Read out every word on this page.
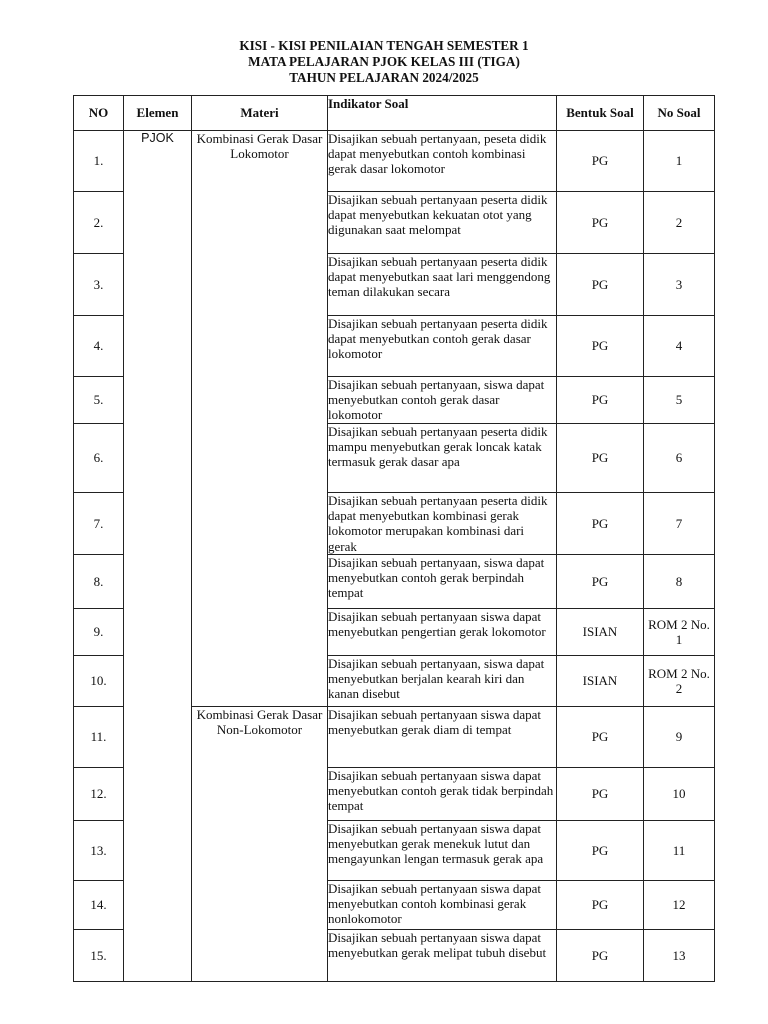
KISI - KISI PENILAIAN TENGAH SEMESTER 1
MATA PELAJARAN PJOK KELAS III (TIGA)
TAHUN PELAJARAN 2024/2025
NO	Elemen	Materi	Indikator Soal	Bentuk Soal	No Soal
1.	PJOK	Kombinasi Gerak Dasar Lokomotor	Disajikan sebuah pertanyaan, peseta didik dapat menyebutkan contoh kombinasi gerak dasar lokomotor	PG	1
2.			Disajikan sebuah pertanyaan peserta didik dapat menyebutkan kekuatan otot yang digunakan saat melompat	PG	2
3.			Disajikan sebuah pertanyaan peserta didik dapat menyebutkan saat lari menggendong teman dilakukan secara	PG	3
4.			Disajikan sebuah pertanyaan peserta didik dapat menyebutkan contoh gerak dasar lokomotor	PG	4
5.			Disajikan sebuah pertanyaan, siswa dapat menyebutkan contoh gerak dasar lokomotor	PG	5
6.			Disajikan sebuah pertanyaan peserta didik mampu menyebutkan gerak loncak katak termasuk gerak dasar apa	PG	6
7.			Disajikan sebuah pertanyaan peserta didik dapat menyebutkan kombinasi gerak lokomotor merupakan kombinasi dari gerak	PG	7
8.			Disajikan sebuah pertanyaan, siswa dapat menyebutkan contoh gerak berpindah tempat	PG	8
9.			Disajikan sebuah pertanyaan siswa dapat menyebutkan pengertian gerak lokomotor	ISIAN	ROM 2 No. 1
10.			Disajikan sebuah pertanyaan, siswa dapat menyebutkan berjalan kearah kiri dan kanan disebut	ISIAN	ROM 2 No. 2
11.		Kombinasi Gerak Dasar Non-Lokomotor	Disajikan sebuah pertanyaan siswa dapat menyebutkan gerak diam di tempat	PG	9
12.			Disajikan sebuah pertanyaan siswa dapat menyebutkan contoh gerak tidak berpindah tempat	PG	10
13.			Disajikan sebuah pertanyaan siswa dapat menyebutkan gerak menekuk lutut dan mengayunkan lengan termasuk gerak apa	PG	11
14.			Disajikan sebuah pertanyaan siswa dapat menyebutkan contoh kombinasi gerak nonlokomotor	PG	12
15.			Disajikan sebuah pertanyaan siswa dapat menyebutkan gerak melipat tubuh disebut	PG	13
